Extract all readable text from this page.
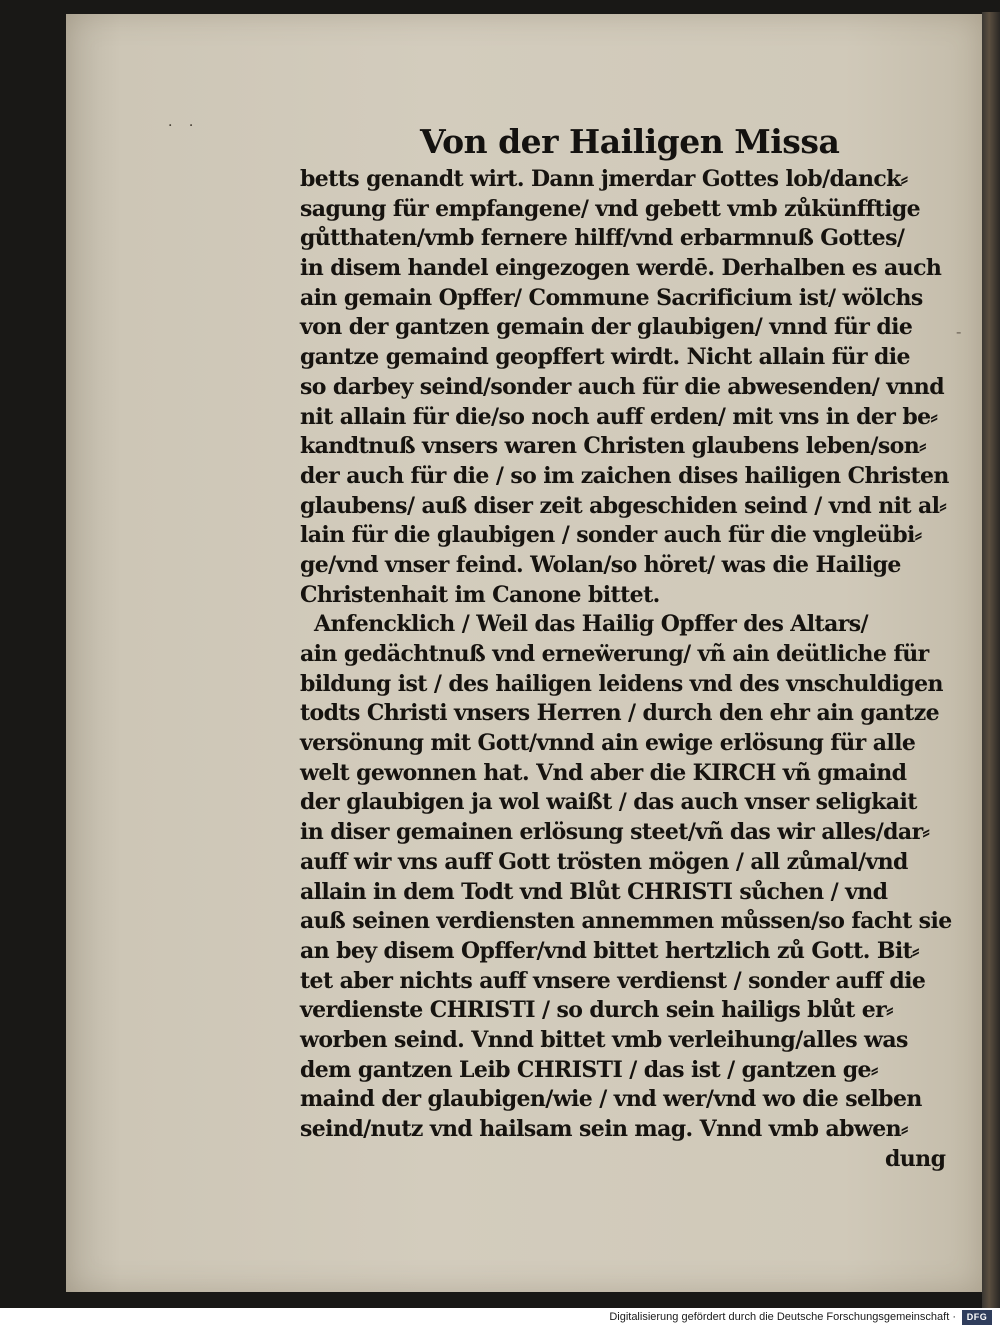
· ·
-
Von der Hailigen Missa
betts genandt wirt. Dann jmerdar Gottes lob/danck⸗
sagung für empfangene/ vnd gebett vmb zůkünfftige
gůtthaten/vmb fernere hilff/vnd erbarmnuß Gottes/
in disem handel eingezogen werdē. Derhalben es auch
ain gemain Opffer/ Commune Sacrificium ist/ wölchs
von der gantzen gemain der glaubigen/ vnnd für die
gantze gemaind geopffert wirdt. Nicht allain für die
so darbey seind/sonder auch für die abwesenden/ vnnd
nit allain für die/so noch auff erden/ mit vns in der be⸗
kandtnuß vnsers waren Christen glaubens leben/son⸗
der auch für die / so im zaichen dises hailigen Christen
glaubens/ auß diser zeit abgeschiden seind / vnd nit al⸗
lain für die glaubigen / sonder auch für die vngleübi⸗
ge/vnd vnser feind. Wolan/so höret/ was die Hailige
Christenhait im Canone bittet.
Anfencklich / Weil das Hailig Opffer des Altars/
ain gedächtnuß vnd erneẅerung/ vñ ain deütliche für
bildung ist / des hailigen leidens vnd des vnschuldigen
todts Christi vnsers Herren / durch den ehr ain gantze
versönung mit Gott/vnnd ain ewige erlösung für alle
welt gewonnen hat. Vnd aber die KIRCH vñ gmaind
der glaubigen ja wol waißt / das auch vnser seligkait
in diser gemainen erlösung steet/vñ das wir alles/dar⸗
auff wir vns auff Gott trösten mögen / all zůmal/vnd
allain in dem Todt vnd Blůt CHRISTI sůchen / vnd
auß seinen verdiensten annemmen můssen/so facht sie
an bey disem Opffer/vnd bittet hertzlich zů Gott. Bit⸗
tet aber nichts auff vnsere verdienst / sonder auff die
verdienste CHRISTI / so durch sein hailigs blůt er⸗
worben seind. Vnnd bittet vmb verleihung/alles was
dem gantzen Leib CHRISTI / das ist / gantzen ge⸗
maind der glaubigen/wie / vnd wer/vnd wo die selben
seind/nutz vnd hailsam sein mag. Vnnd vmb abwen⸗
dung
Digitalisierung gefördert durch die Deutsche Forschungsgemeinschaft ·	DFG
